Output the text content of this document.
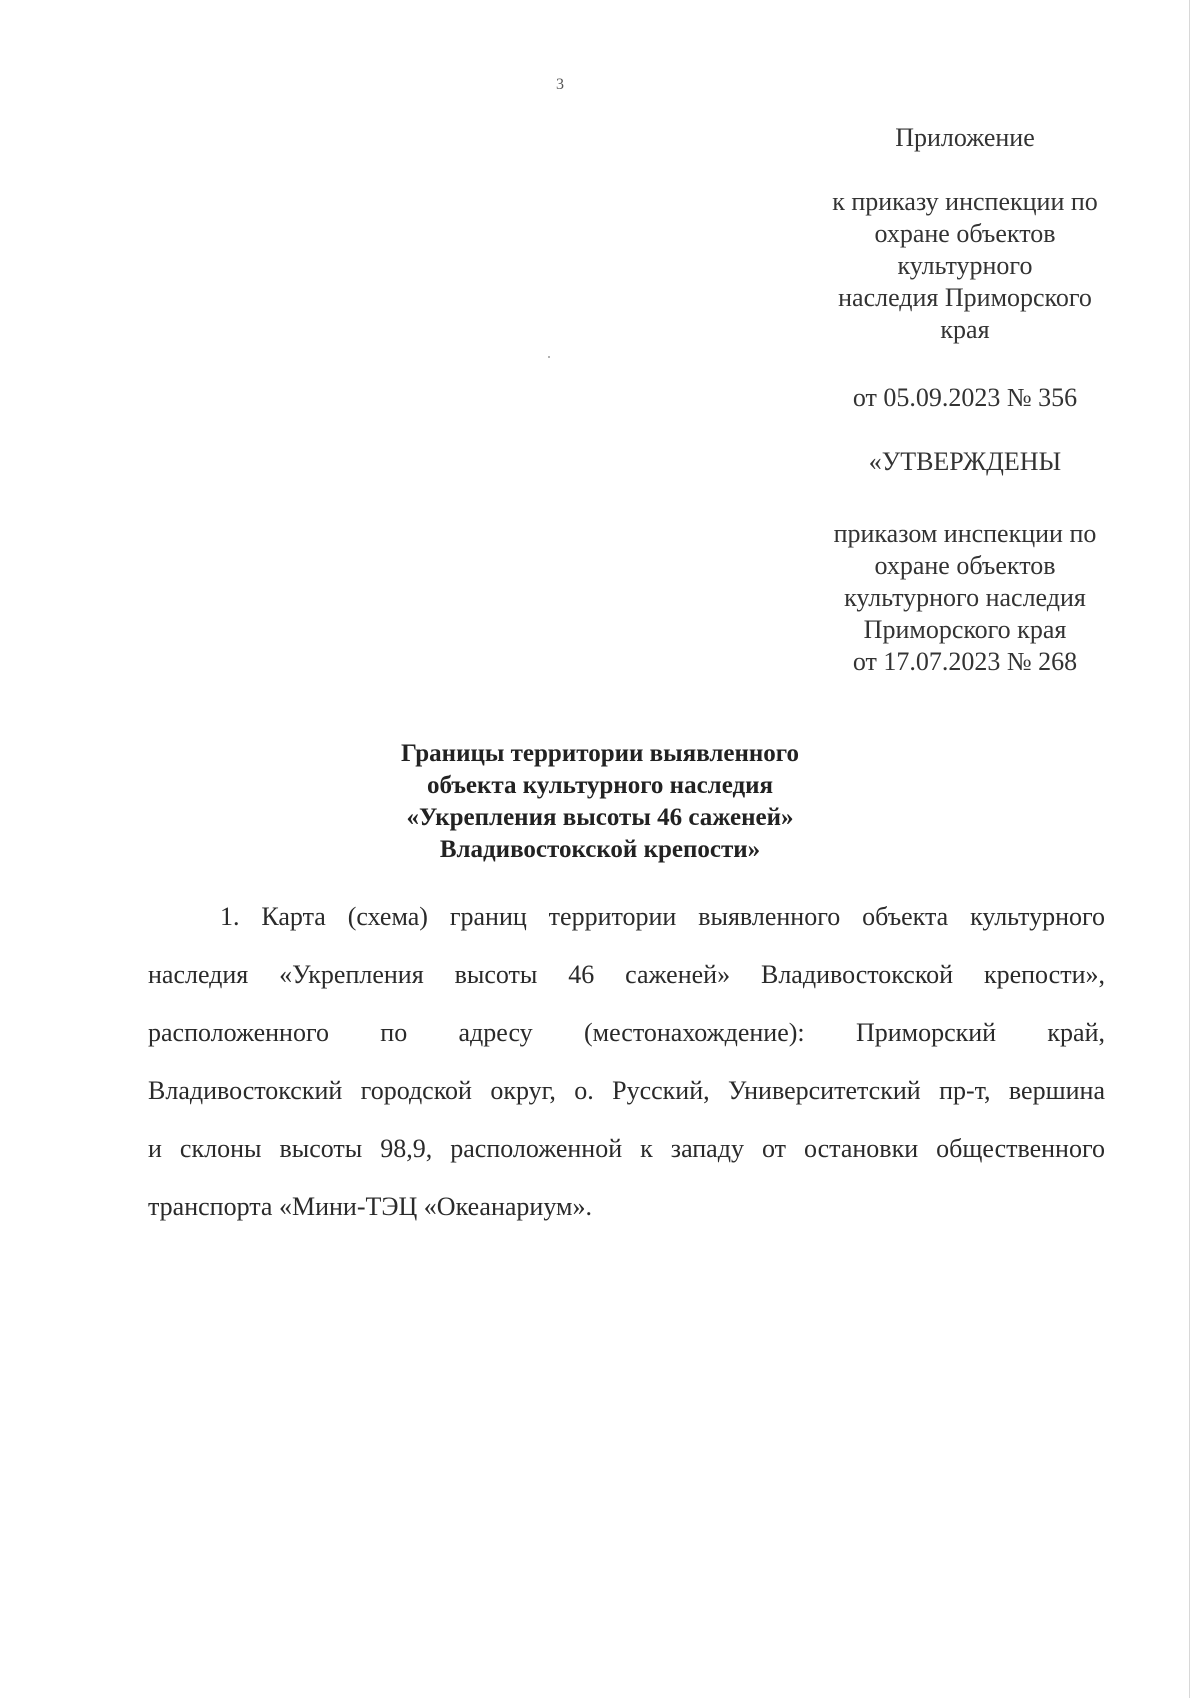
3
Приложение
к приказу инспекции по
охране объектов
культурного
наследия Приморского
края
от 05.09.2023 № 356
«УТВЕРЖДЕНЫ
приказом инспекции по
охране объектов
культурного наследия
Приморского края
от 17.07.2023 № 268
Границы территории выявленного
объекта культурного наследия
«Укрепления высоты 46 саженей»
Владивостокской крепости»
1. Карта (схема) границ территории выявленного объекта культурного
наследия «Укрепления высоты 46 саженей» Владивостокской крепости»,
расположенного по адресу (местонахождение): Приморский край,
Владивостокский городской округ, о. Русский, Университетский пр-т, вершина
и склоны высоты 98,9, расположенной к западу от остановки общественного
транспорта «Мини-ТЭЦ «Океанариум».
